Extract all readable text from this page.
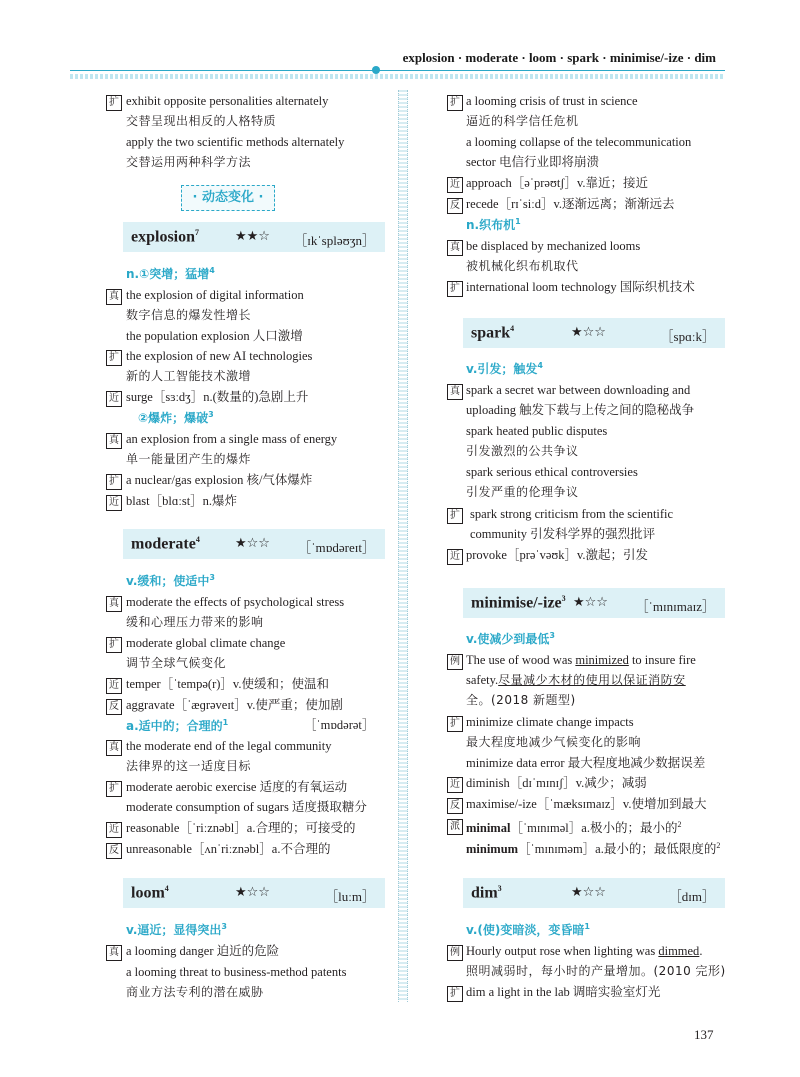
explosion · moderate · loom · spark · minimise/-ize · dim
扩 exhibit opposite personalities alternately
交替呈现出相反的人格特质
apply the two scientific methods alternately
交替运用两种科学方法
· 动态变化 ·
explosion$^7$	★★☆ ［ɪkˈspləʊʒn］
n.①突增；猛增$^4$
真 the explosion of digital information
数字信息的爆发性增长
the population explosion 人口激增
扩 the explosion of new AI technologies
新的人工智能技术激增
近 surge［sɜːdʒ］n.(数量的)急剧上升
②爆炸；爆破$^3$
真 an explosion from a single mass of energy
单一能量团产生的爆炸
扩 a nuclear/gas explosion 核/气体爆炸
近 blast［blɑːst］n.爆炸
moderate$^4$	★☆☆ ［ˈmɒdəreɪt］
v.缓和；使适中$^3$
真 moderate the effects of psychological stress
缓和心理压力带来的影响
扩 moderate global climate change
调节全球气候变化
近 temper［ˈtempə(r)］v.使缓和；使温和
反 aggravate［ˈæɡrəveɪt］v.使严重；使加剧
a.适中的；合理的$^1$	［ˈmɒdərət］
真 the moderate end of the legal community
法律界的这一适度目标
扩 moderate aerobic exercise 适度的有氧运动
moderate consumption of sugars 适度摄取糖分
近 reasonable［ˈriːznəbl］a.合理的；可接受的
反 unreasonable［ʌnˈriːznəbl］a.不合理的
loom$^4$	★☆☆	［luːm］
v.逼近；显得突出$^3$
真 a looming danger 迫近的危险
a looming threat to business-method patents
商业方法专利的潜在威胁
扩 a looming crisis of trust in science
逼近的科学信任危机
a looming collapse of the telecommunication
sector 电信行业即将崩溃
近 approach［əˈprəʊtʃ］v.靠近；接近
反 recede［rɪˈsiːd］v.逐渐远离；渐渐远去
n.织布机$^1$
真 be displaced by mechanized looms
被机械化织布机取代
扩 international loom technology 国际织机技术
spark$^4$	★☆☆	［spɑːk］
v.引发；触发$^4$
真 spark a secret war between downloading and
uploading 触发下载与上传之间的隐秘战争
spark heated public disputes
引发激烈的公共争议
spark serious ethical controversies
引发严重的伦理争议
扩 spark strong criticism from the scientific
community 引发科学界的强烈批评
近 provoke［prəˈvəʊk］v.激起；引发
minimise/-ize$^3$ ★☆☆ ［ˈmɪnɪmaɪz］
v.使减少到最低$^3$
例 The use of wood was minimized to insure fire
safety.尽量减少木材的使用以保证消防安
全。(2018 新题型)
扩 minimize climate change impacts
最大程度地减少气候变化的影响
minimize data error 最大程度地减少数据误差
近 diminish［dɪˈmɪnɪʃ］v.减少；减弱
反 maximise/-ize［ˈmæksɪmaɪz］v.使增加到最大
派 minimal［ˈmɪnɪməl］a.极小的；最小的$^2$
minimum［ˈmɪnɪməm］a.最小的；最低限度的$^2$
dim$^3$	★☆☆	［dɪm］
v.(使)变暗淡，变昏暗$^1$
例 Hourly output rose when lighting was dimmed.
照明减弱时，每小时的产量增加。(2010 完形)
扩 dim a light in the lab 调暗实验室灯光
137
